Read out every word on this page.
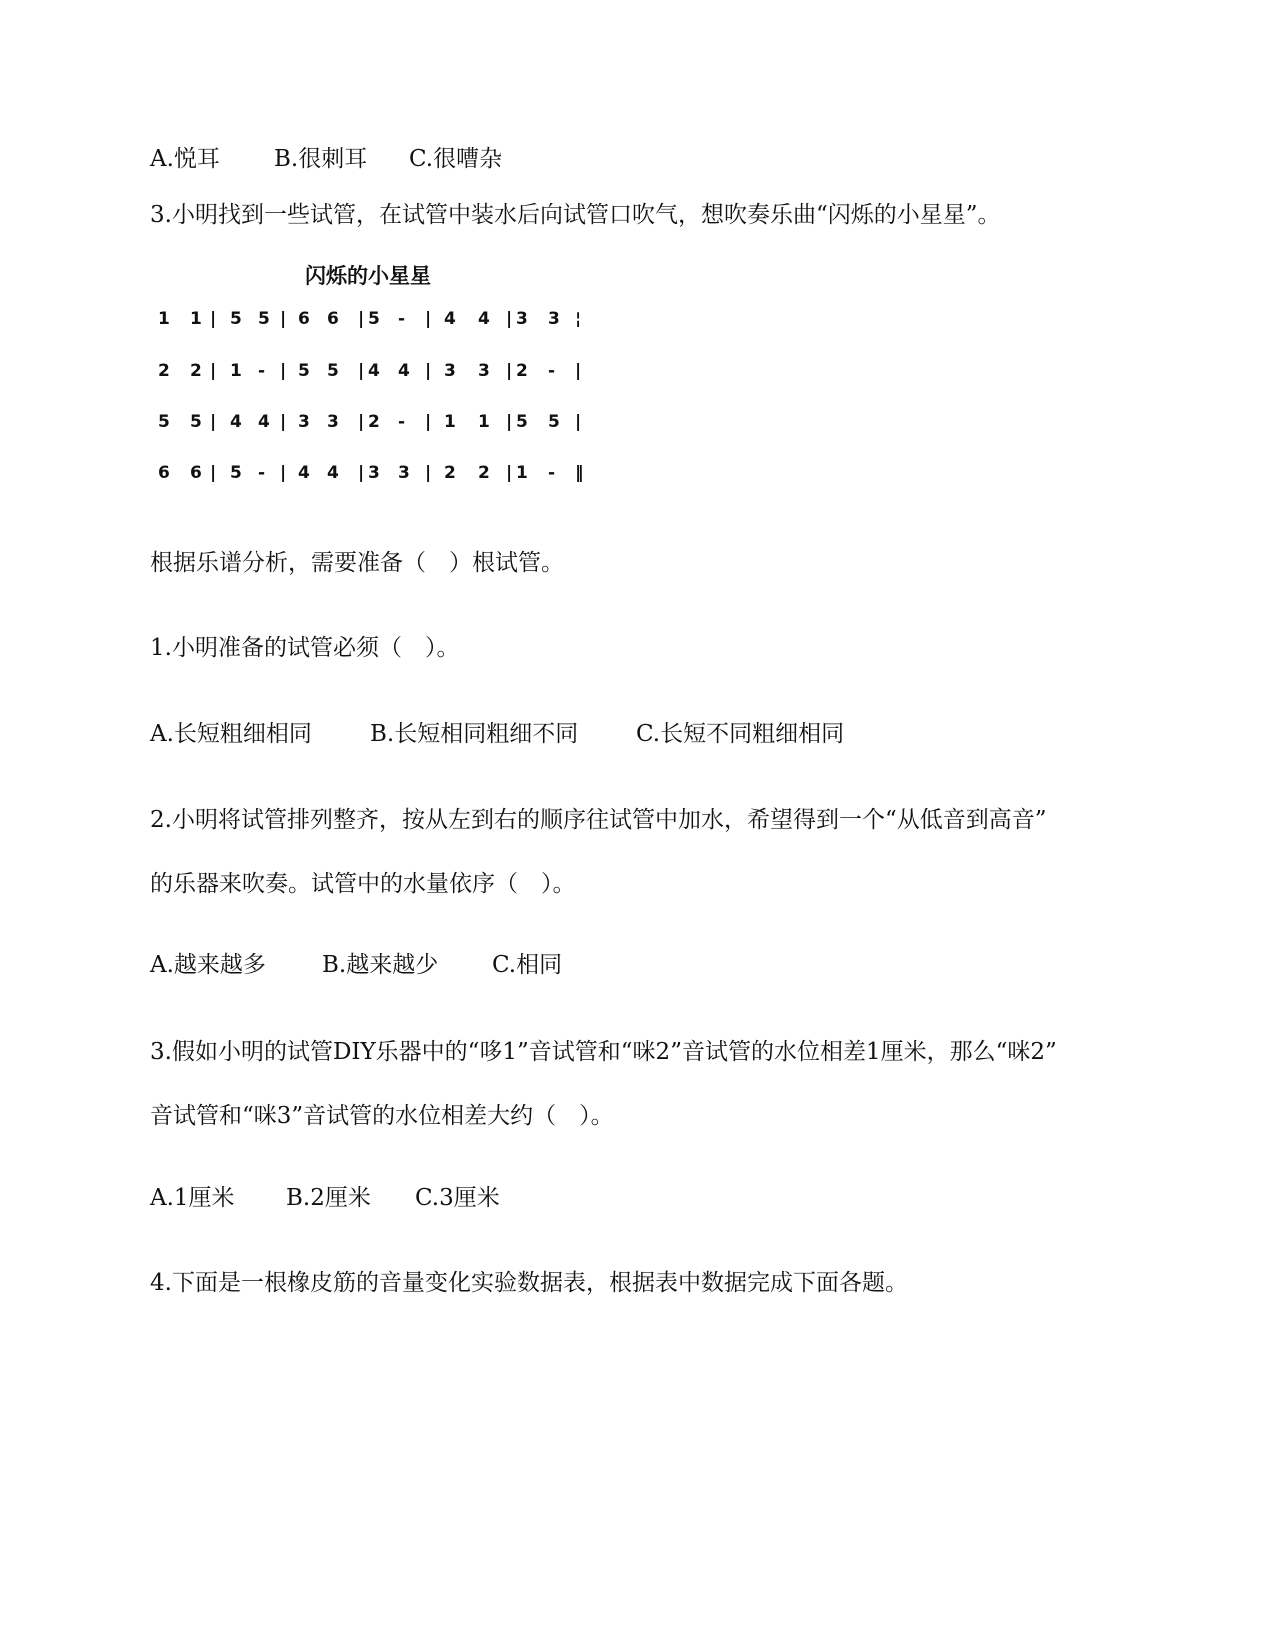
A.悦耳 B.很刺耳 C.很嘈杂
3.小明找到一些试管，在试管中装水后向试管口吹气，想吹奏乐曲“闪烁的小星星”。
闪烁的小星星
1 1 | 5 5 | 6 6 | 5 - | 4 4 | 3 3 ¦
2 2 | 1 - | 5 5 | 4 4 | 3 3 | 2 - |
5 5 | 4 4 | 3 3 | 2 - | 1 1 | 5 5 |
6 6 | 5 - | 4 4 | 3 3 | 2 2 | 1 - ‖
根据乐谱分析，需要准备（　）根试管。
1.小明准备的试管必须（　）。
A.长短粗细相同	B.长短相同粗细不同	C.长短不同粗细相同
2.小明将试管排列整齐，按从左到右的顺序往试管中加水，希望得到一个“从低音到高音”
的乐器来吹奏。试管中的水量依序（　）。
A.越来越多 B.越来越少 C.相同
3.假如小明的试管DIY乐器中的“哆1”音试管和“咪2”音试管的水位相差1厘米，那么“咪2”
音试管和“咪3”音试管的水位相差大约（　）。
A.1厘米 B.2厘米 C.3厘米
4.下面是一根橡皮筋的音量变化实验数据表，根据表中数据完成下面各题。
